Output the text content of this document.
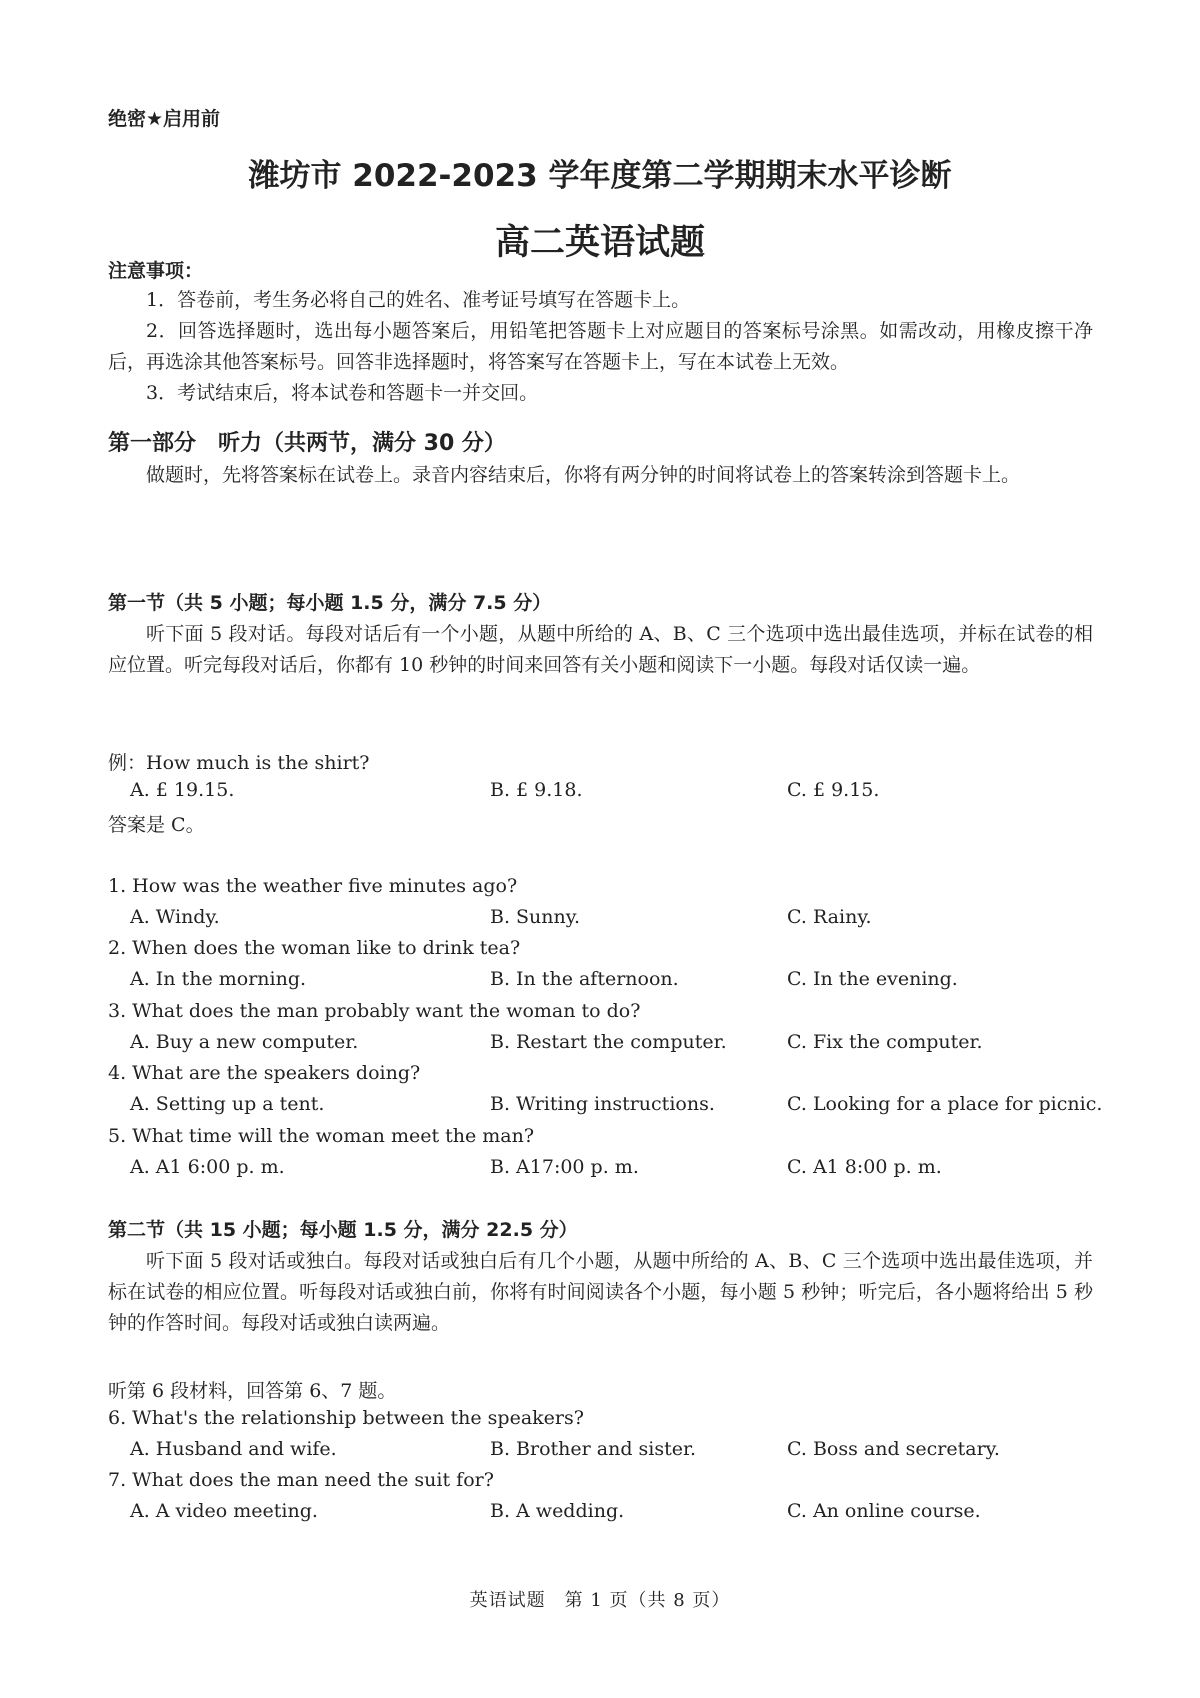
绝密★启用前
潍坊市 2022-2023 学年度第二学期期末水平诊断
高二英语试题
注意事项：
1．答卷前，考生务必将自己的姓名、准考证号填写在答题卡上。
2．回答选择题时，选出每小题答案后，用铅笔把答题卡上对应题目的答案标号涂黑。如需改动，用橡皮擦干净后，再选涂其他答案标号。回答非选择题时，将答案写在答题卡上，写在本试卷上无效。
3．考试结束后，将本试卷和答题卡一并交回。
第一部分　听力（共两节，满分 30 分）
做题时，先将答案标在试卷上。录音内容结束后，你将有两分钟的时间将试卷上的答案转涂到答题卡上。
第一节（共 5 小题；每小题 1.5 分，满分 7.5 分）
听下面 5 段对话。每段对话后有一个小题，从题中所给的 A、B、C 三个选项中选出最佳选项，并标在试卷的相应位置。听完每段对话后，你都有 10 秒钟的时间来回答有关小题和阅读下一小题。每段对话仅读一遍。
例：How much is the shirt?
A. £ 19.15.	B. £ 9.18.	C. £ 9.15.
答案是 C。
1. How was the weather five minutes ago?
A. Windy.	B. Sunny.	C. Rainy.
2. When does the woman like to drink tea?
A. In the morning.	B. In the afternoon.	C. In the evening.
3. What does the man probably want the woman to do?
A. Buy a new computer.	B. Restart the computer.	C. Fix the computer.
4. What are the speakers doing?
A. Setting up a tent.	B. Writing instructions.	C. Looking for a place for picnic.
5. What time will the woman meet the man?
A. A1 6:00 p. m.	B. A17:00 p. m.	C. A1 8:00 p. m.
第二节（共 15 小题；每小题 1.5 分，满分 22.5 分）
听下面 5 段对话或独白。每段对话或独白后有几个小题，从题中所给的 A、B、C 三个选项中选出最佳选项，并标在试卷的相应位置。听每段对话或独白前，你将有时间阅读各个小题，每小题 5 秒钟；听完后，各小题将给出 5 秒钟的作答时间。每段对话或独白读两遍。
听第 6 段材料，回答第 6、7 题。
6. What's the relationship between the speakers?
A. Husband and wife.	B. Brother and sister.	C. Boss and secretary.
7. What does the man need the suit for?
A. A video meeting.	B. A wedding.	C. An online course.
英语试题　第 1 页（共 8 页）
